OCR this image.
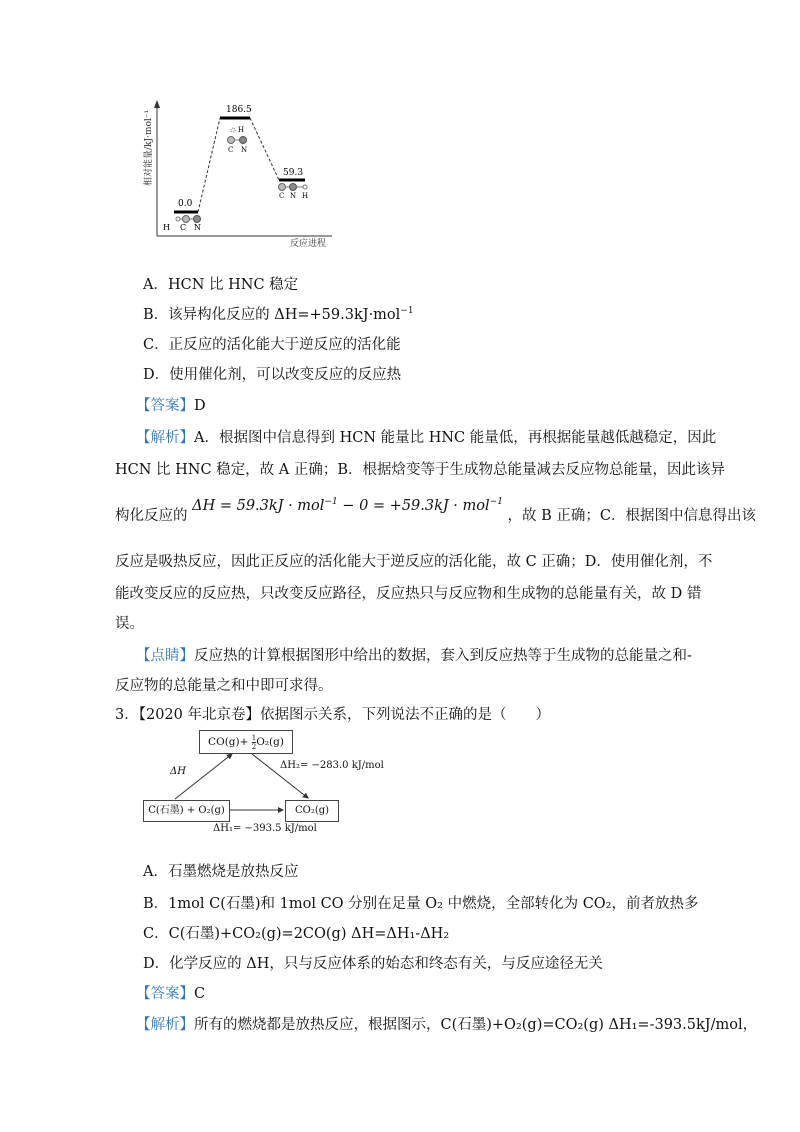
相对能量/kJ·mol⁻¹
反应进程
0.0
186.5
59.3
H C N
H
C N
C N H
A．HCN 比 HNC 稳定
B．该异构化反应的 ΔH=+59.3kJ·mol$^{-1}$
C．正反应的活化能大于逆反应的活化能
D．使用催化剂，可以改变反应的反应热
【答案】D
【解析】A．根据图中信息得到 HCN 能量比 HNC 能量低，再根据能量越低越稳定，因此
HCN 比 HNC 稳定，故 A 正确；B．根据焓变等于生成物总能量减去反应物总能量，因此该异
构化反应的 ΔH = 59.3kJ · mol$^{-1}$ − 0 = +59.3kJ · mol$^{-1}$ ，故 B 正确；C．根据图中信息得出该
反应是吸热反应，因此正反应的活化能大于逆反应的活化能，故 C 正确；D．使用催化剂，不
能改变反应的反应热，只改变反应路径，反应热只与反应物和生成物的总能量有关，故 D 错
误。
【点睛】反应热的计算根据图形中给出的数据，套入到反应热等于生成物的总能量之和-
反应物的总能量之和中即可求得。
3．【2020 年北京卷】依据图示关系，下列说法不正确的是（　　）
$CO(g)+ \frac{1}{2} O_2(g)$
C(石墨) + O₂(g)	CO₂(g)
ΔH
ΔH₂= −283.0 kJ/mol
ΔH₁= −393.5 kJ/mol
A．石墨燃烧是放热反应
B．1mol C(石墨)和 1mol CO 分别在足量 O₂ 中燃烧，全部转化为 CO₂，前者放热多
C．C(石墨)+CO₂(g)=2CO(g) ΔH=ΔH₁-ΔH₂
D．化学反应的 ΔH，只与反应体系的始态和终态有关，与反应途径无关
【答案】C
【解析】所有的燃烧都是放热反应，根据图示，C(石墨)+O₂(g)=CO₂(g) ΔH₁=-393.5kJ/mol，
